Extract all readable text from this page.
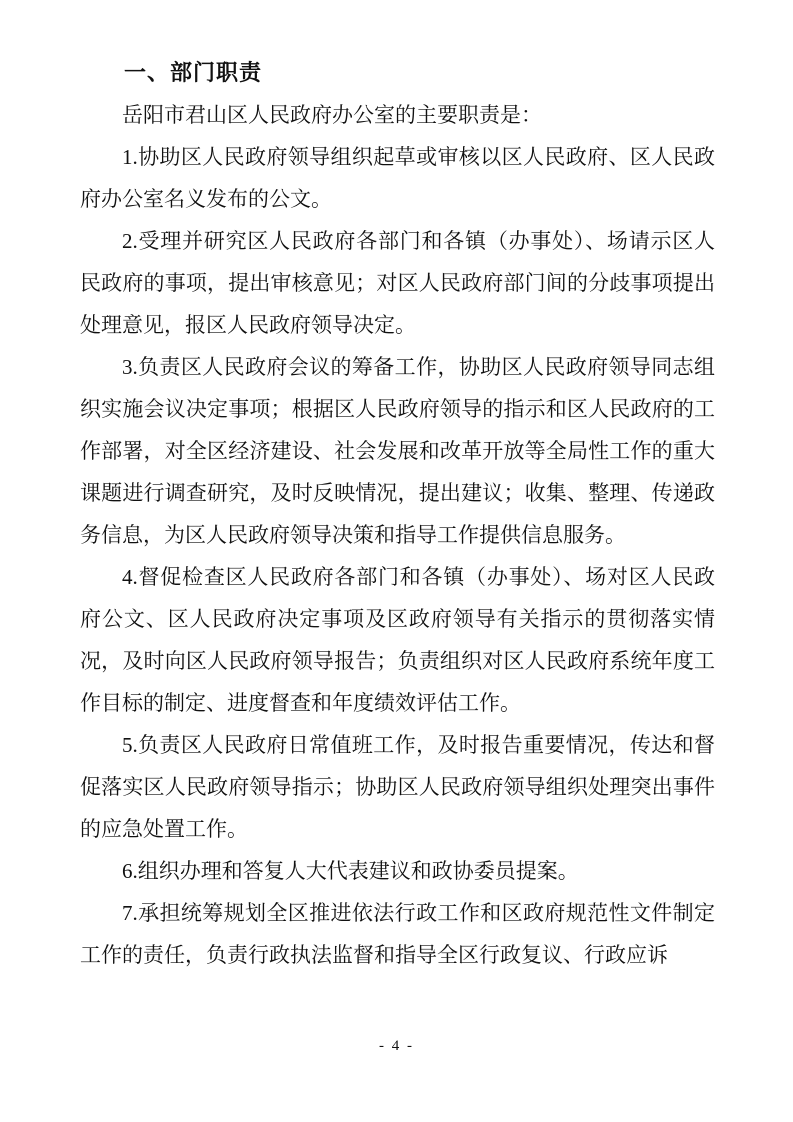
一、部门职责

岳阳市君山区人民政府办公室的主要职责是：

1.协助区人民政府领导组织起草或审核以区人民政府、区人民政府办公室名义发布的公文。

2.受理并研究区人民政府各部门和各镇（办事处）、场请示区人民政府的事项，提出审核意见；对区人民政府部门间的分歧事项提出处理意见，报区人民政府领导决定。

3.负责区人民政府会议的筹备工作，协助区人民政府领导同志组织实施会议决定事项；根据区人民政府领导的指示和区人民政府的工作部署，对全区经济建设、社会发展和改革开放等全局性工作的重大课题进行调查研究，及时反映情况，提出建议；收集、整理、传递政务信息，为区人民政府领导决策和指导工作提供信息服务。

4.督促检查区人民政府各部门和各镇（办事处）、场对区人民政府公文、区人民政府决定事项及区政府领导有关指示的贯彻落实情况，及时向区人民政府领导报告；负责组织对区人民政府系统年度工作目标的制定、进度督查和年度绩效评估工作。

5.负责区人民政府日常值班工作，及时报告重要情况，传达和督促落实区人民政府领导指示；协助区人民政府领导组织处理突出事件的应急处置工作。

6.组织办理和答复人大代表建议和政协委员提案。

7.承担统筹规划全区推进依法行政工作和区政府规范性文件制定工作的责任，负责行政执法监督和指导全区行政复议、行政应诉

- 4 -
